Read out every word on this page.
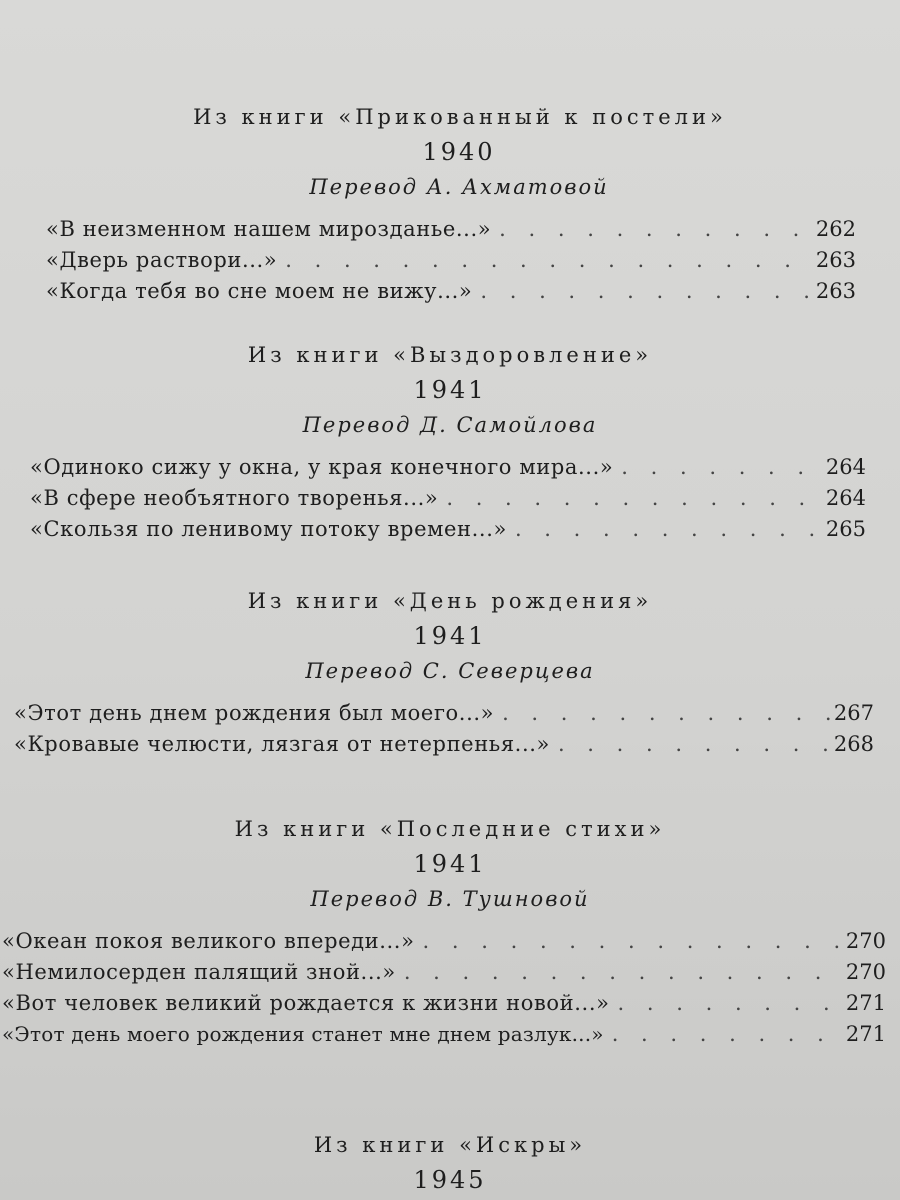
Из книги «Прикованный к постели»
1940
Перевод А. Ахматовой
«В неизменном нашем мирозданье...» . . .	262
«Дверь раствори...» . . .	263
«Когда тебя во сне моем не вижу...» . . .	263
Из книги «Выздоровление»
1941
Перевод Д. Самойлова
«Одиноко сижу у окна, у края конечного мира...» . . .	264
«В сфере необъятного творенья...» . . .	264
«Скользя по ленивому потоку времен...» . . .	265
Из книги «День рождения»
1941
Перевод С. Северцева
«Этот день днем рождения был моего...» . . .	267
«Кровавые челюсти, лязгая от нетерпенья...» . . .	268
Из книги «Последние стихи»
1941
Перевод В. Тушновой
«Океан покоя великого впереди...» . . .	270
«Немилосерден палящий зной...» . . .	270
«Вот человек великий рождается к жизни новой...» . . .	271
«Этот день моего рождения станет мне днем разлук...» . . .	271
Из книги «Искры»
1945
